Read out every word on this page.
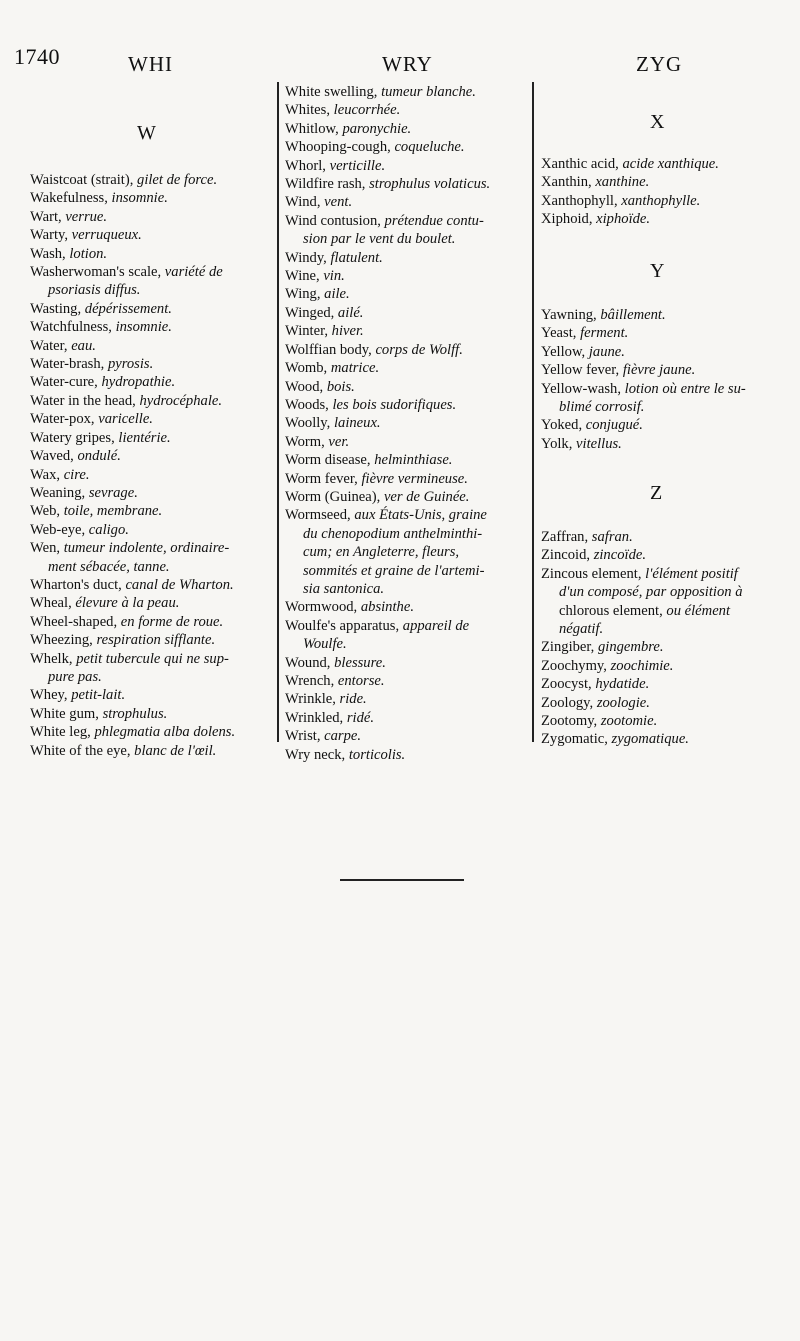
1740	WHI	WRY	ZYG
W	X
Y
Z
Waistcoat (strait), gilet de force.
Wakefulness, insomnie.
Wart, verrue.
Warty, verruqueux.
Wash, lotion.
Washerwoman's scale, variété de
psoriasis diffus.
Wasting, dépérissement.
Watchfulness, insomnie.
Water, eau.
Water-brash, pyrosis.
Water-cure, hydropathie.
Water in the head, hydrocéphale.
Water-pox, varicelle.
Watery gripes, lientérie.
Waved, ondulé.
Wax, cire.
Weaning, sevrage.
Web, toile, membrane.
Web-eye, caligo.
Wen, tumeur indolente, ordinaire-
ment sébacée, tanne.
Wharton's duct, canal de Wharton.
Wheal, élevure à la peau.
Wheel-shaped, en forme de roue.
Wheezing, respiration sifflante.
Whelk, petit tubercule qui ne sup-
pure pas.
Whey, petit-lait.
White gum, strophulus.
White leg, phlegmatia alba dolens.
White of the eye, blanc de l'œil.
White swelling, tumeur blanche.
Whites, leucorrhée.
Whitlow, paronychie.
Whooping-cough, coqueluche.
Whorl, verticille.
Wildfire rash, strophulus volaticus.
Wind, vent.
Wind contusion, prétendue contu-
sion par le vent du boulet.
Windy, flatulent.
Wine, vin.
Wing, aile.
Winged, ailé.
Winter, hiver.
Wolffian body, corps de Wolff.
Womb, matrice.
Wood, bois.
Woods, les bois sudorifiques.
Woolly, laineux.
Worm, ver.
Worm disease, helminthiase.
Worm fever, fièvre vermineuse.
Worm (Guinea), ver de Guinée.
Wormseed, aux États-Unis, graine
du chenopodium anthelminthi-
cum; en Angleterre, fleurs,
sommités et graine de l'artemi-
sia santonica.
Wormwood, absinthe.
Woulfe's apparatus, appareil de
Woulfe.
Wound, blessure.
Wrench, entorse.
Wrinkle, ride.
Wrinkled, ridé.
Wrist, carpe.
Wry neck, torticolis.
Xanthic acid, acide xanthique.
Xanthin, xanthine.
Xanthophyll, xanthophylle.
Xiphoid, xiphoïde.
Yawning, bâillement.
Yeast, ferment.
Yellow, jaune.
Yellow fever, fièvre jaune.
Yellow-wash, lotion où entre le su-
blimé corrosif.
Yoked, conjugué.
Yolk, vitellus.
Zaffran, safran.
Zincoid, zincoïde.
Zincous element, l'élément positif
d'un composé, par opposition à
chlorous element, ou élément
négatif.
Zingiber, gingembre.
Zoochymy, zoochimie.
Zoocyst, hydatide.
Zoology, zoologie.
Zootomy, zootomie.
Zygomatic, zygomatique.
